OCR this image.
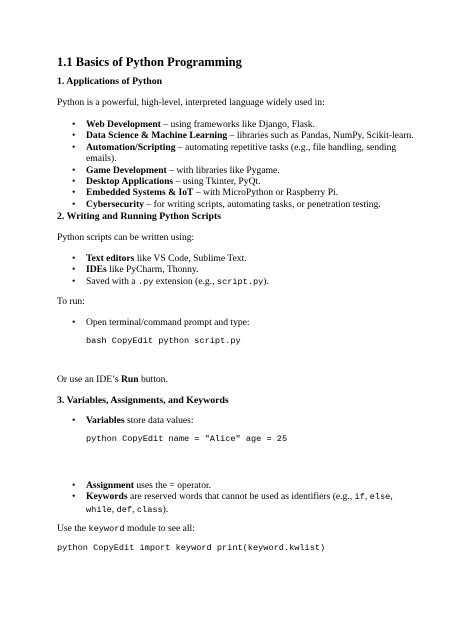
1.1 Basics of Python Programming
1. Applications of Python
Python is a powerful, high-level, interpreted language widely used in:
• Web Development – using frameworks like Django, Flask.
• Data Science & Machine Learning – libraries such as Pandas, NumPy, Scikit-learn.
• Automation/Scripting – automating repetitive tasks (e.g., file handling, sending
emails).
• Game Development – with libraries like Pygame.
• Desktop Applications – using Tkinter, PyQt.
• Embedded Systems & IoT – with MicroPython or Raspberry Pi.
• Cybersecurity – for writing scripts, automating tasks, or penetration testing.
2. Writing and Running Python Scripts
Python scripts can be written using:
• Text editors like VS Code, Sublime Text.
• IDEs like PyCharm, Thonny.
• Saved with a .py extension (e.g., script.py).
To run:
• Open terminal/command prompt and type:
bash CopyEdit python script.py
Or use an IDE’s Run button.
3. Variables, Assignments, and Keywords
• Variables store data values:
python CopyEdit name = "Alice" age = 25
• Assignment uses the = operator.
• Keywords are reserved words that cannot be used as identifiers (e.g., if, else,
while, def, class).
Use the keyword module to see all:
python CopyEdit import keyword print(keyword.kwlist)
